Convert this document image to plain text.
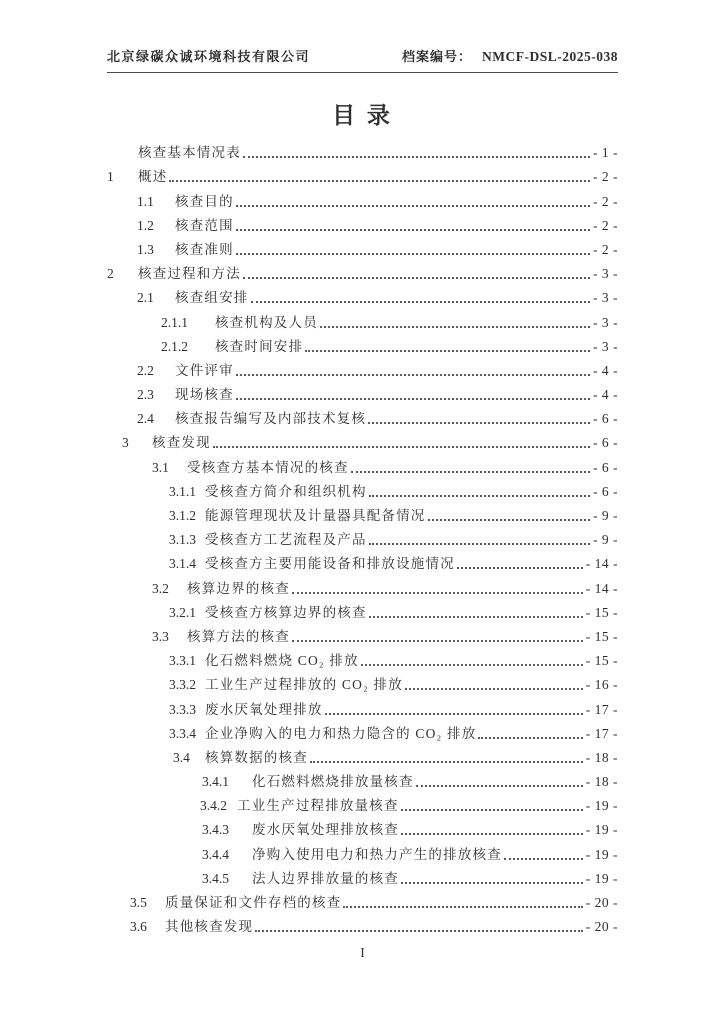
北京绿碳众诚环境科技有限公司	档案编号： NMCF-DSL-2025-038
目 录
核查基本情况表	- 1 -
1	概述	- 2 -
1.1	核查目的	- 2 -
1.2	核查范围	- 2 -
1.3	核查准则	- 2 -
2	核查过程和方法	- 3 -
2.1	核查组安排	- 3 -
2.1.1	核查机构及人员	- 3 -
2.1.2	核查时间安排	- 3 -
2.2	文件评审	- 4 -
2.3	现场核查	- 4 -
2.4	核查报告编写及内部技术复核	- 6 -
3	核查发现	- 6 -
3.1	受核查方基本情况的核查	- 6 -
3.1.1 受核查方简介和组织机构	- 6 -
3.1.2 能源管理现状及计量器具配备情况	- 9 -
3.1.3 受核查方工艺流程及产品	- 9 -
3.1.4 受核查方主要用能设备和排放设施情况	- 14 -
3.2	核算边界的核查	- 14 -
3.2.1 受核查方核算边界的核查	- 15 -
3.3	核算方法的核查	- 15 -
3.3.1 化石燃料燃烧 CO₂ 排放	- 15 -
3.3.2 工业生产过程排放的 CO₂ 排放	- 16 -
3.3.3 废水厌氧处理排放	- 17 -
3.3.4 企业净购入的电力和热力隐含的 CO₂ 排放	- 17 -
3.4	核算数据的核查	- 18 -
3.4.1	化石燃料燃烧排放量核查	- 18 -
3.4.2 工业生产过程排放量核查	- 19 -
3.4.3	废水厌氧处理排放核查	- 19 -
3.4.4	净购入使用电力和热力产生的排放核查	- 19 -
3.4.5	法人边界排放量的核查	- 19 -
3.5	质量保证和文件存档的核查	- 20 -
3.6	其他核查发现	- 20 -
I
